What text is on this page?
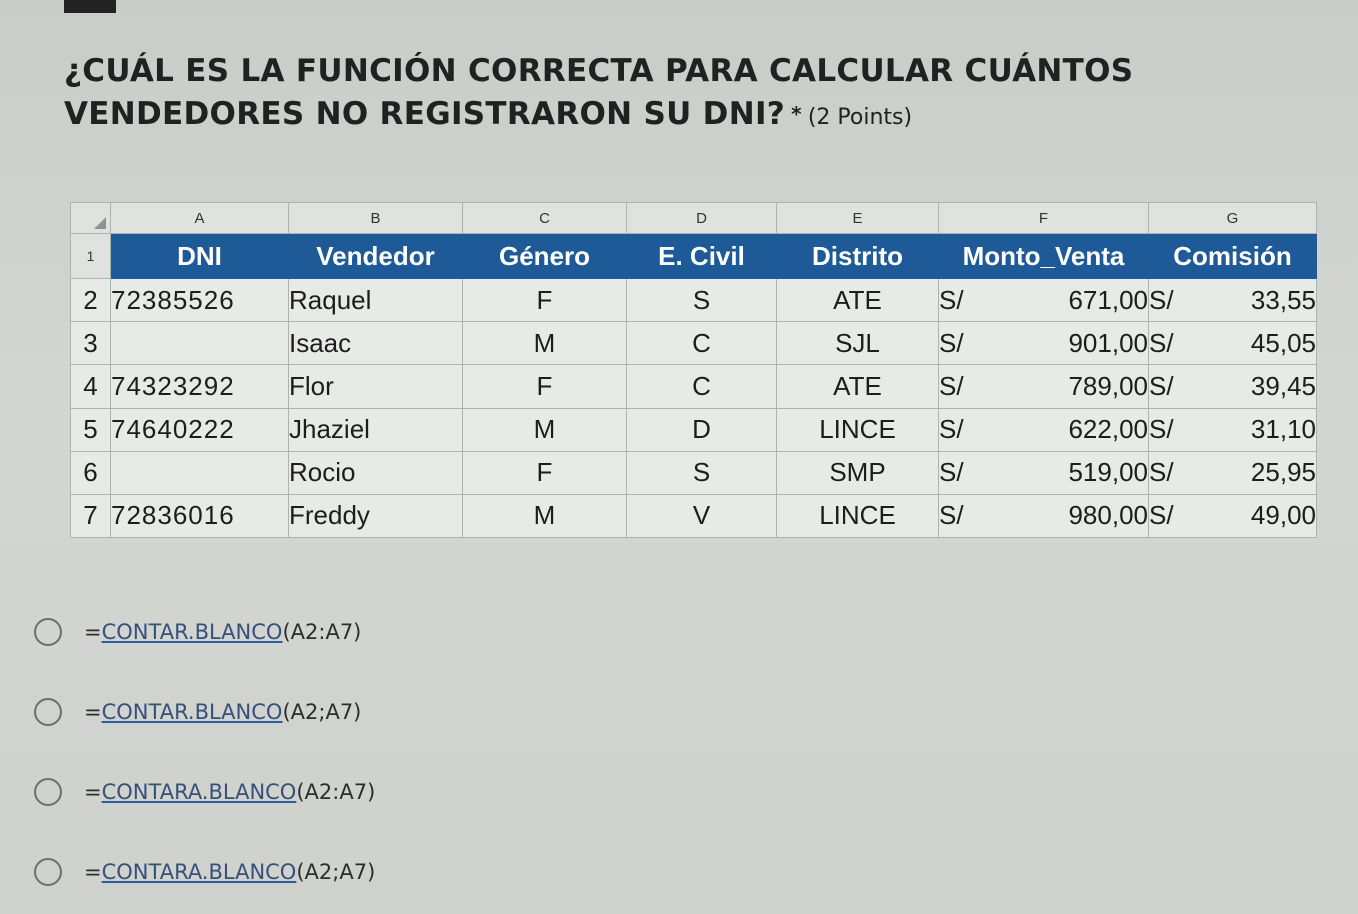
¿CUÁL ES LA FUNCIÓN CORRECTA PARA CALCULAR CUÁNTOS VENDEDORES NO REGISTRARON SU DNI? * (2 Points)
	A	B	C	D	E	F	G
1	DNI	Vendedor	Género	E. Civil	Distrito	Monto_Venta	Comisión
2	72385526	Raquel	F	S	ATE	S/ 671,00	S/ 33,55

3		Isaac	M	C	SJL	S/ 901,00	S/ 45,05

4	74323292	Flor	F	C	ATE	S/ 789,00	S/ 39,45

5	74640222	Jhaziel	M	D	LINCE	S/ 622,00	S/ 31,10

6		Rocio	F	S	SMP	S/ 519,00	S/ 25,95

7	72836016	Freddy	M	V	LINCE	S/ 980,00	S/ 49,00
=CONTAR.BLANCO(A2:A7)
=CONTAR.BLANCO(A2;A7)
=CONTARA.BLANCO(A2:A7)
=CONTARA.BLANCO(A2;A7)
